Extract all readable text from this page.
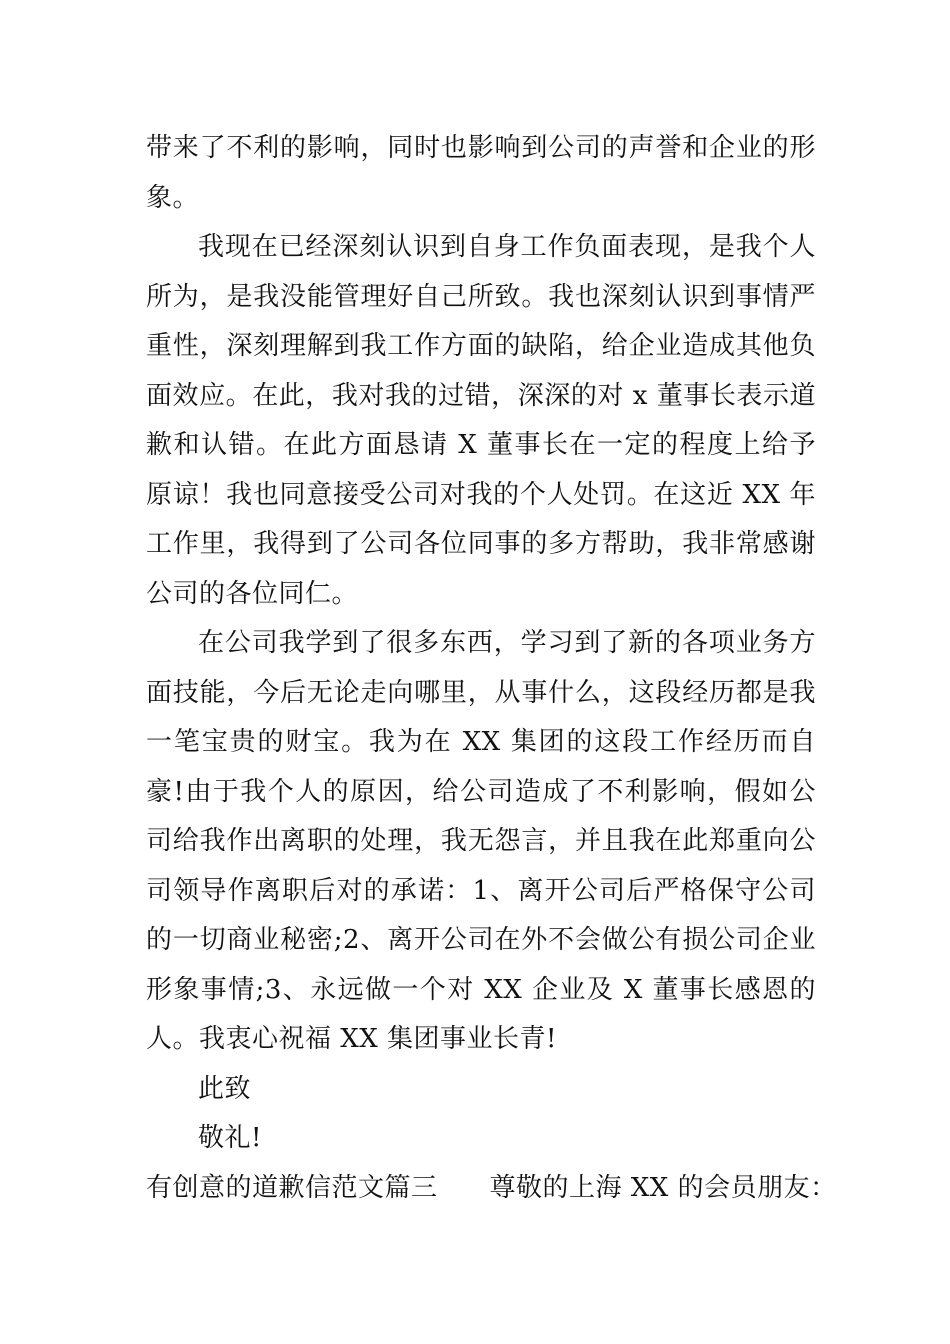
带来了不利的影响，同时也影响到公司的声誉和企业的形象。

我现在已经深刻认识到自身工作负面表现，是我个人所为，是我没能管理好自己所致。我也深刻认识到事情严重性，深刻理解到我工作方面的缺陷，给企业造成其他负面效应。在此，我对我的过错，深深的对 x 董事长表示道歉和认错。在此方面恳请 X 董事长在一定的程度上给予原谅！我也同意接受公司对我的个人处罚。在这近 XX 年工作里，我得到了公司各位同事的多方帮助，我非常感谢公司的各位同仁。

在公司我学到了很多东西，学习到了新的各项业务方面技能，今后无论走向哪里，从事什么，这段经历都是我一笔宝贵的财宝。我为在 XX 集团的这段工作经历而自豪!由于我个人的原因，给公司造成了不利影响，假如公司给我作出离职的处理，我无怨言，并且我在此郑重向公司领导作离职后对的承诺：1、离开公司后严格保守公司的一切商业秘密;2、离开公司在外不会做公有损公司企业形象事情;3、永远做一个对 XX 企业及 X 董事长感恩的人。我衷心祝福 XX 集团事业长青!

此致

敬礼!

有创意的道歉信范文篇三 尊敬的上海 XX 的会员朋友：
